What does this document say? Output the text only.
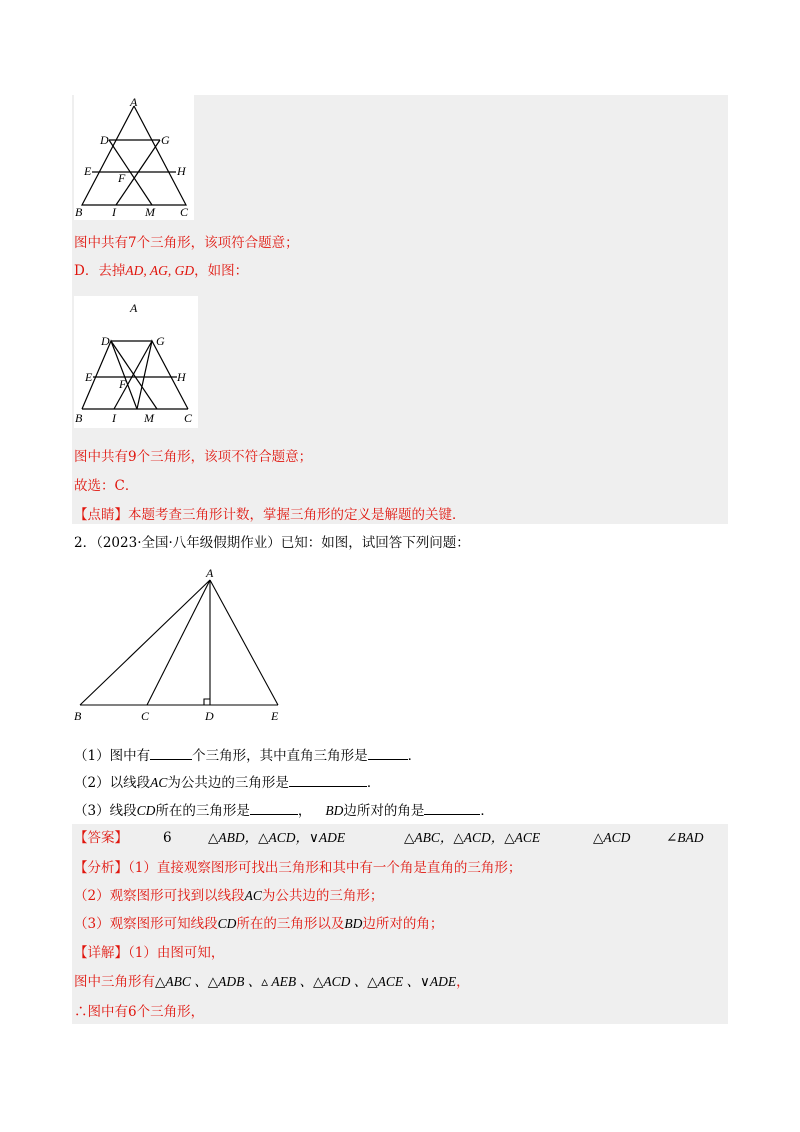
A
D	G
E F	H
B I M C
图中共有7个三角形，该项符合题意；
D．去掉AD, AG, GD，如图：
A
D	G
E F	H
B I M	C
图中共有9个三角形，该项不符合题意；
故选：C．
【点睛】本题考查三角形计数，掌握三角形的定义是解题的关键．
2．（2023·全国·八年级假期作业）已知：如图，试回答下列问题：
A
B	C	D	E
（1）图中有	个三角形，其中直角三角形是	．
（2）以线段AC为公共边的三角形是	．
（3）线段CD所在的三角形是	， BD边所对的角是	．
【答案】	6	△ABD，△ACD，∨ADE	△ABC，△ACD，△ACE	△ACD	∠BAD
【分析】（1）直接观察图形可找出三角形和其中有一个角是直角的三角形；
（2）观察图形可找到以线段AC为公共边的三角形；
（3）观察图形可知线段CD所在的三角形以及BD边所对的角；
【详解】（1）由图可知，
图中三角形有△ABC 、△ADB 、▵ AEB 、△ACD 、△ACE 、∨ADE，
∴图中有6个三角形，
